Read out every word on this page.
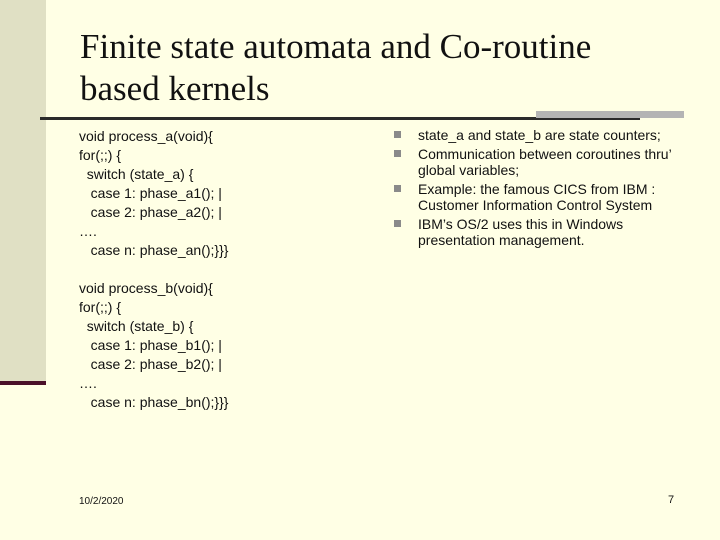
Finite state automata and Co-routine
based kernels
void process_a(void){
for(;;) {
switch (state_a) {
case 1: phase_a1(); |
case 2: phase_a2(); |
….
case n: phase_an();}}}
void process_b(void){
for(;;) {
switch (state_b) {
case 1: phase_b1(); |
case 2: phase_b2(); |
….
case n: phase_bn();}}}
state_a and state_b are state counters;
Communication between coroutines thru’ global variables;
Example: the famous CICS from IBM : Customer Information Control System
IBM’s OS/2 uses this in Windows presentation management.
10/2/2020	7
